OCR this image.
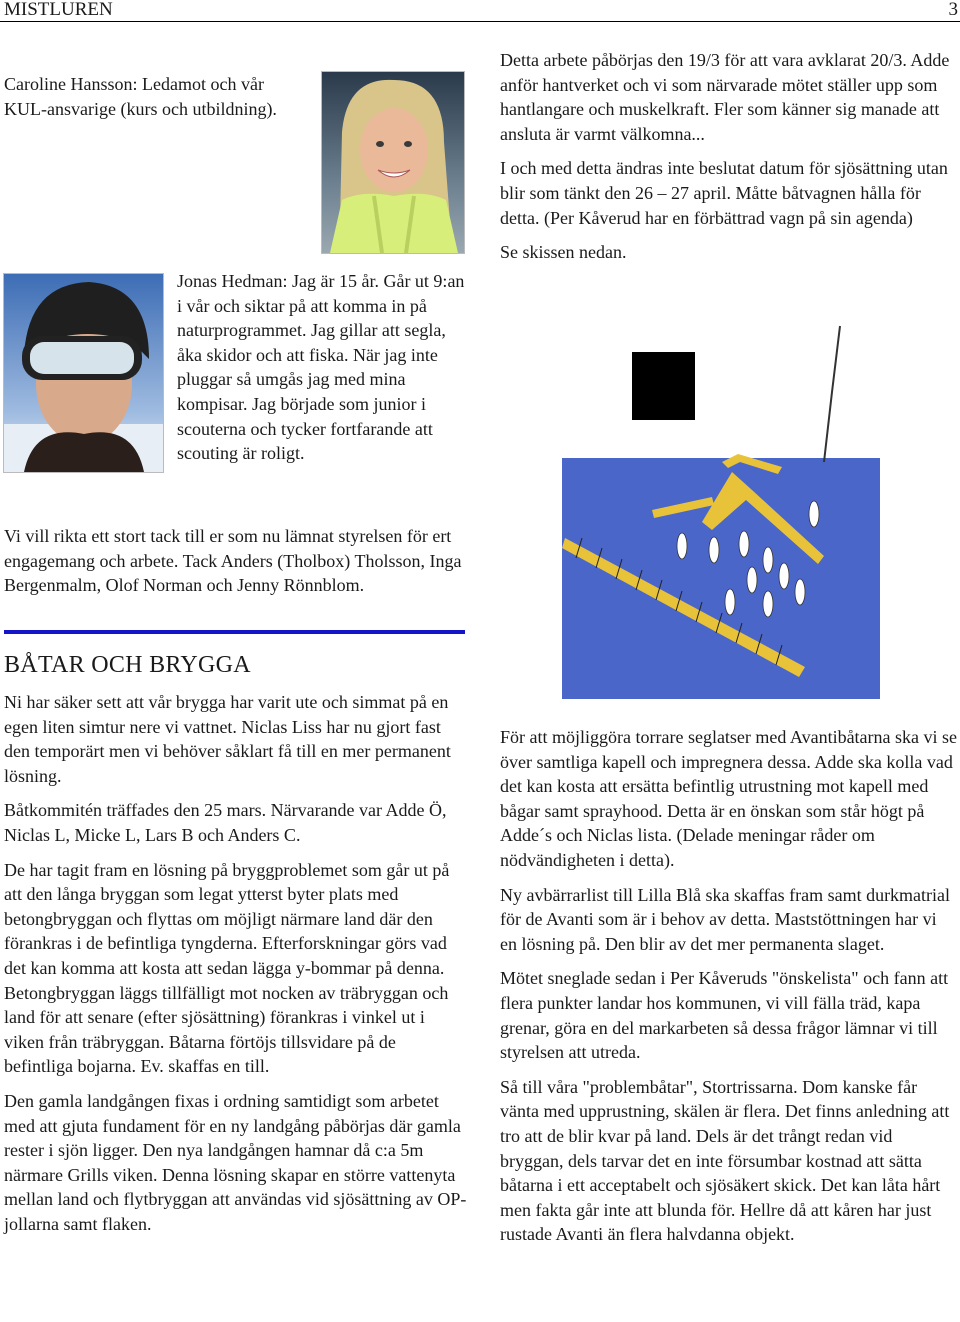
MISTLUREN	3

Caroline Hansson: Ledamot och vår KUL-ansvarige (kurs och utbildning).

Jonas Hedman: Jag är 15 år. Går ut 9:an i vår och siktar på att komma in på naturprogrammet. Jag gillar att segla, åka skidor och att fiska. När jag inte pluggar så umgås jag med mina kompisar. Jag började som junior i scouterna och tycker fortfarande att scouting är roligt.

Vi vill rikta ett stort tack till er som nu lämnat styrelsen för ert engagemang och arbete. Tack Anders (Tholbox) Tholsson, Inga Bergenmalm, Olof Norman och Jenny Rönnblom.

BÅTAR OCH BRYGGA

Ni har säker sett att vår brygga har varit ute och simmat på en egen liten simtur nere vi vattnet. Niclas Liss har nu gjort fast den temporärt men vi behöver såklart få till en mer permanent lösning.

Båtkommitén träffades den 25 mars. Närvarande var Adde Ö, Niclas L, Micke L, Lars B och Anders C.

De har tagit fram en lösning på bryggproblemet som går ut på att den långa bryggan som legat ytterst byter plats med betongbryggan och flyttas om möjligt närmare land där den förankras i de befintliga tyngderna. Efterforskningar görs vad det kan komma att kosta att sedan lägga y-bommar på denna. Betongbryggan läggs tillfälligt mot nocken av träbryggan och land för att senare (efter sjösättning) förankras i vinkel ut i viken från träbryggan. Båtarna förtöjs tillsvidare på de befintliga bojarna. Ev. skaffas en till.

Den gamla landgången fixas i ordning samtidigt som arbetet med att gjuta fundament för en ny landgång påbörjas där gamla rester i sjön ligger. Den nya landgången hamnar då c:a 5m närmare Grills viken. Denna lösning skapar en större vattenyta mellan land och flytbryggan att användas vid sjösättning av OP-jollarna samt flaken.

Detta arbete påbörjas den 19/3 för att vara avklarat 20/3. Adde anför hantverket och vi som närvarade mötet ställer upp som hantlangare och muskelkraft. Fler som känner sig manade att ansluta är varmt välkomna...

I och med detta ändras inte beslutat datum för sjösättning utan blir som tänkt den 26 – 27 april. Måtte båtvagnen hålla för detta. (Per Kåverud har en förbättrad vagn på sin agenda)

Se skissen nedan.

För att möjliggöra torrare seglatser med Avantibåtarna ska vi se över samtliga kapell och impregnera dessa. Adde ska kolla vad det kan kosta att ersätta befintlig utrustning mot kapell med bågar samt sprayhood. Detta är en önskan som står högt på Adde´s och Niclas lista. (Delade meningar råder om nödvändigheten i detta).

Ny avbärrarlist till Lilla Blå ska skaffas fram samt durkmatrial för de Avanti som är i behov av detta. Maststöttningen har vi en lösning på. Den blir av det mer permanenta slaget.

Mötet sneglade sedan i Per Kåveruds "önskelista" och fann att flera punkter landar hos kommunen, vi vill fälla träd, kapa grenar, göra en del markarbeten så dessa frågor lämnar vi till styrelsen att utreda.

Så till våra "problembåtar", Stortrissarna. Dom kanske får vänta med upprustning, skälen är flera. Det finns anledning att tro att de blir kvar på land. Dels är det trångt redan vid bryggan, dels tarvar det en inte försumbar kostnad att sätta båtarna i ett acceptabelt och sjösäkert skick. Det kan låta hårt men fakta går inte att blunda för. Hellre då att kåren har just rustade Avanti än flera halvdanna objekt.
